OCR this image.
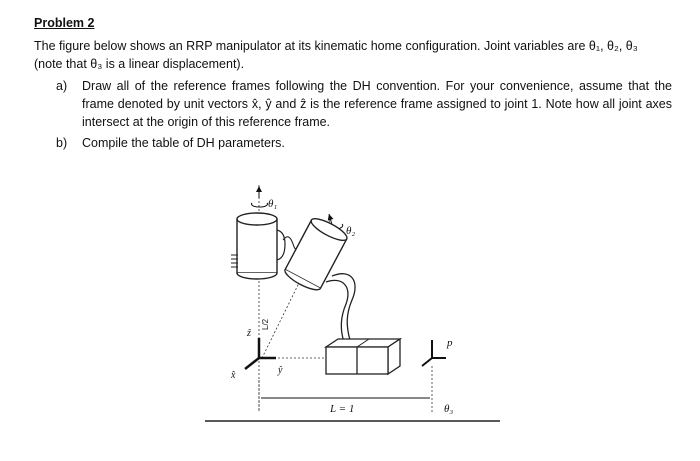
Problem 2
The figure below shows an RRP manipulator at its kinematic home configuration. Joint variables are θ₁, θ₂, θ₃
(note that θ₃ is a linear displacement).
a)	Draw all of the reference frames following the DH convention. For your convenience, assume that the frame denoted by unit vectors x̂, ŷ and ẑ is the reference frame assigned to joint 1. Note how all joint axes intersect at the origin of this reference frame.
b)	Compile the table of DH parameters.
θ₁
θ₂
ẑ
ŷ
x̂
L/2
p
L = 1	θ₃
